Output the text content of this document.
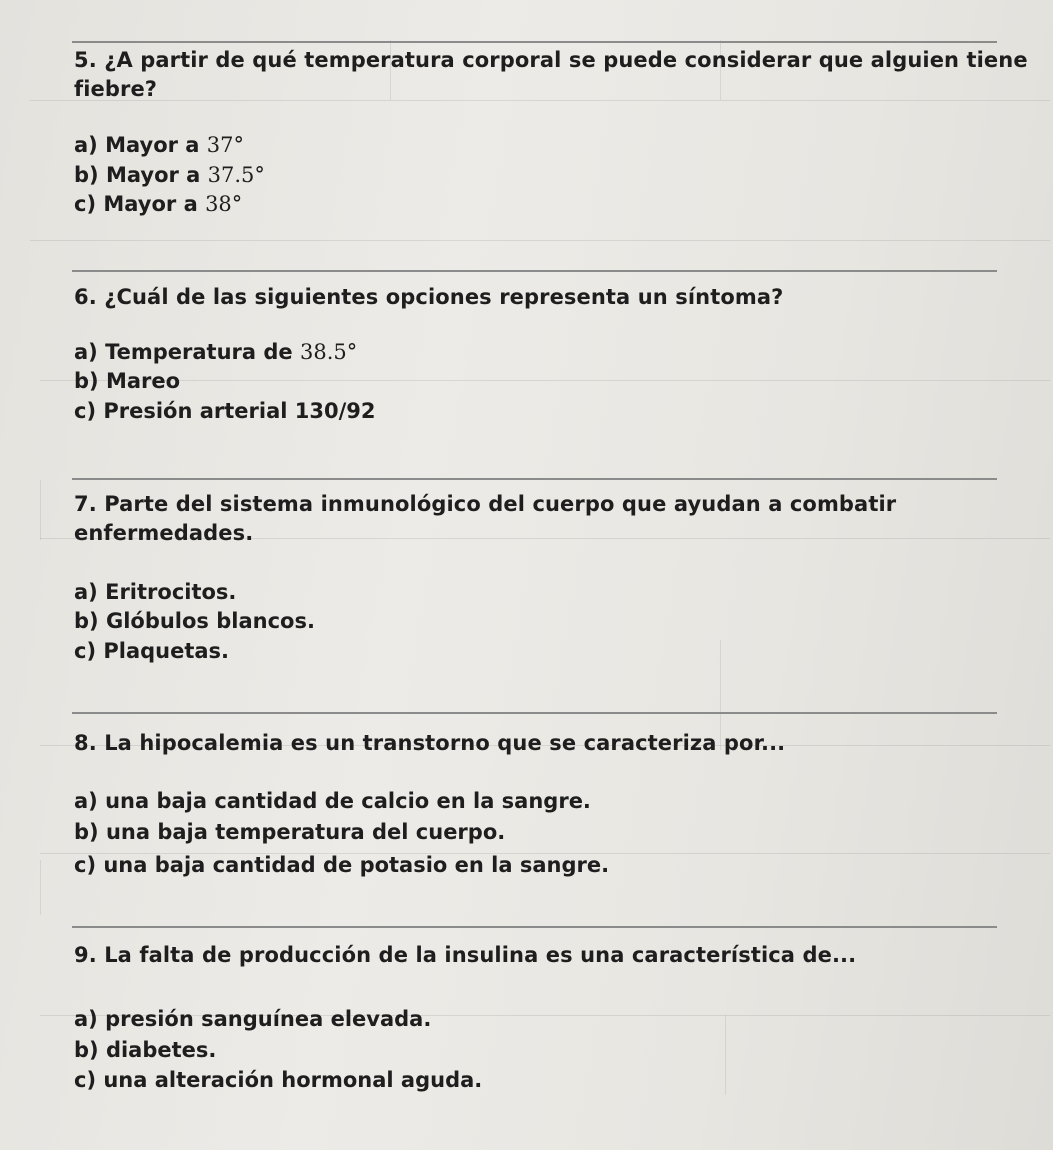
5. ¿A partir de qué temperatura corporal se puede considerar que alguien tiene fiebre?
a) Mayor a 37°
b) Mayor a 37.5°
c) Mayor a 38°
6. ¿Cuál de las siguientes opciones representa un síntoma?
a) Temperatura de 38.5°
b) Mareo
c) Presión arterial 130/92
7. Parte del sistema inmunológico del cuerpo que ayudan a combatir enfermedades.
a) Eritrocitos.
b) Glóbulos blancos.
c) Plaquetas.
8. La hipocalemia es un transtorno que se caracteriza por...
a) una baja cantidad de calcio en la sangre.
b) una baja temperatura del cuerpo.
c) una baja cantidad de potasio en la sangre.
9. La falta de producción de la insulina es una característica de...
a) presión sanguínea elevada.
b) diabetes.
c) una alteración hormonal aguda.
